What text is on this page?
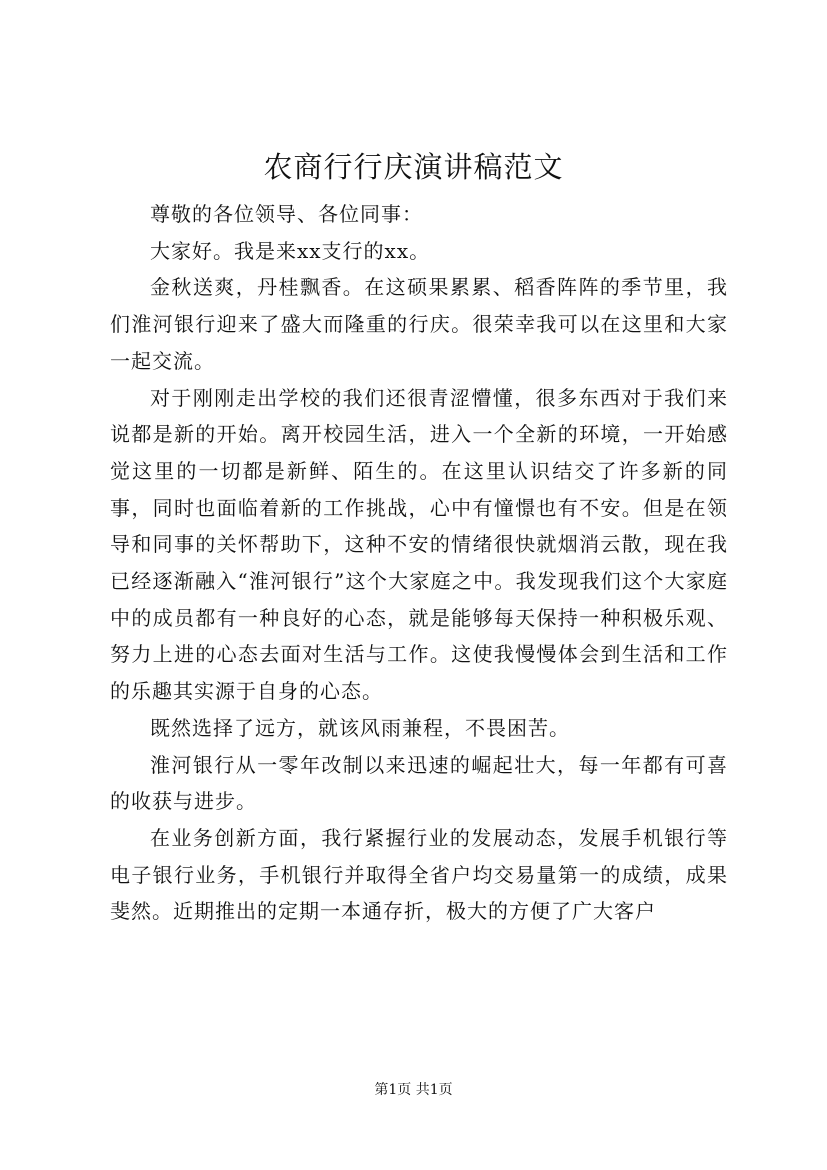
农商行行庆演讲稿范文

尊敬的各位领导、各位同事：

大家好。我是来xx支行的xx。

金秋送爽，丹桂飘香。在这硕果累累、稻香阵阵的季节里，我们淮河银行迎来了盛大而隆重的行庆。很荣幸我可以在这里和大家一起交流。

对于刚刚走出学校的我们还很青涩懵懂，很多东西对于我们来说都是新的开始。离开校园生活，进入一个全新的环境，一开始感觉这里的一切都是新鲜、陌生的。在这里认识结交了许多新的同事，同时也面临着新的工作挑战，心中有憧憬也有不安。但是在领导和同事的关怀帮助下，这种不安的情绪很快就烟消云散，现在我已经逐渐融入“淮河银行”这个大家庭之中。我发现我们这个大家庭中的成员都有一种良好的心态，就是能够每天保持一种积极乐观、努力上进的心态去面对生活与工作。这使我慢慢体会到生活和工作的乐趣其实源于自身的心态。

既然选择了远方，就该风雨兼程，不畏困苦。

淮河银行从一零年改制以来迅速的崛起壮大，每一年都有可喜的收获与进步。

在业务创新方面，我行紧握行业的发展动态，发展手机银行等电子银行业务，手机银行并取得全省户均交易量第一的成绩，成果斐然。近期推出的定期一本通存折，极大的方便了广大客户

第1页 共1页
